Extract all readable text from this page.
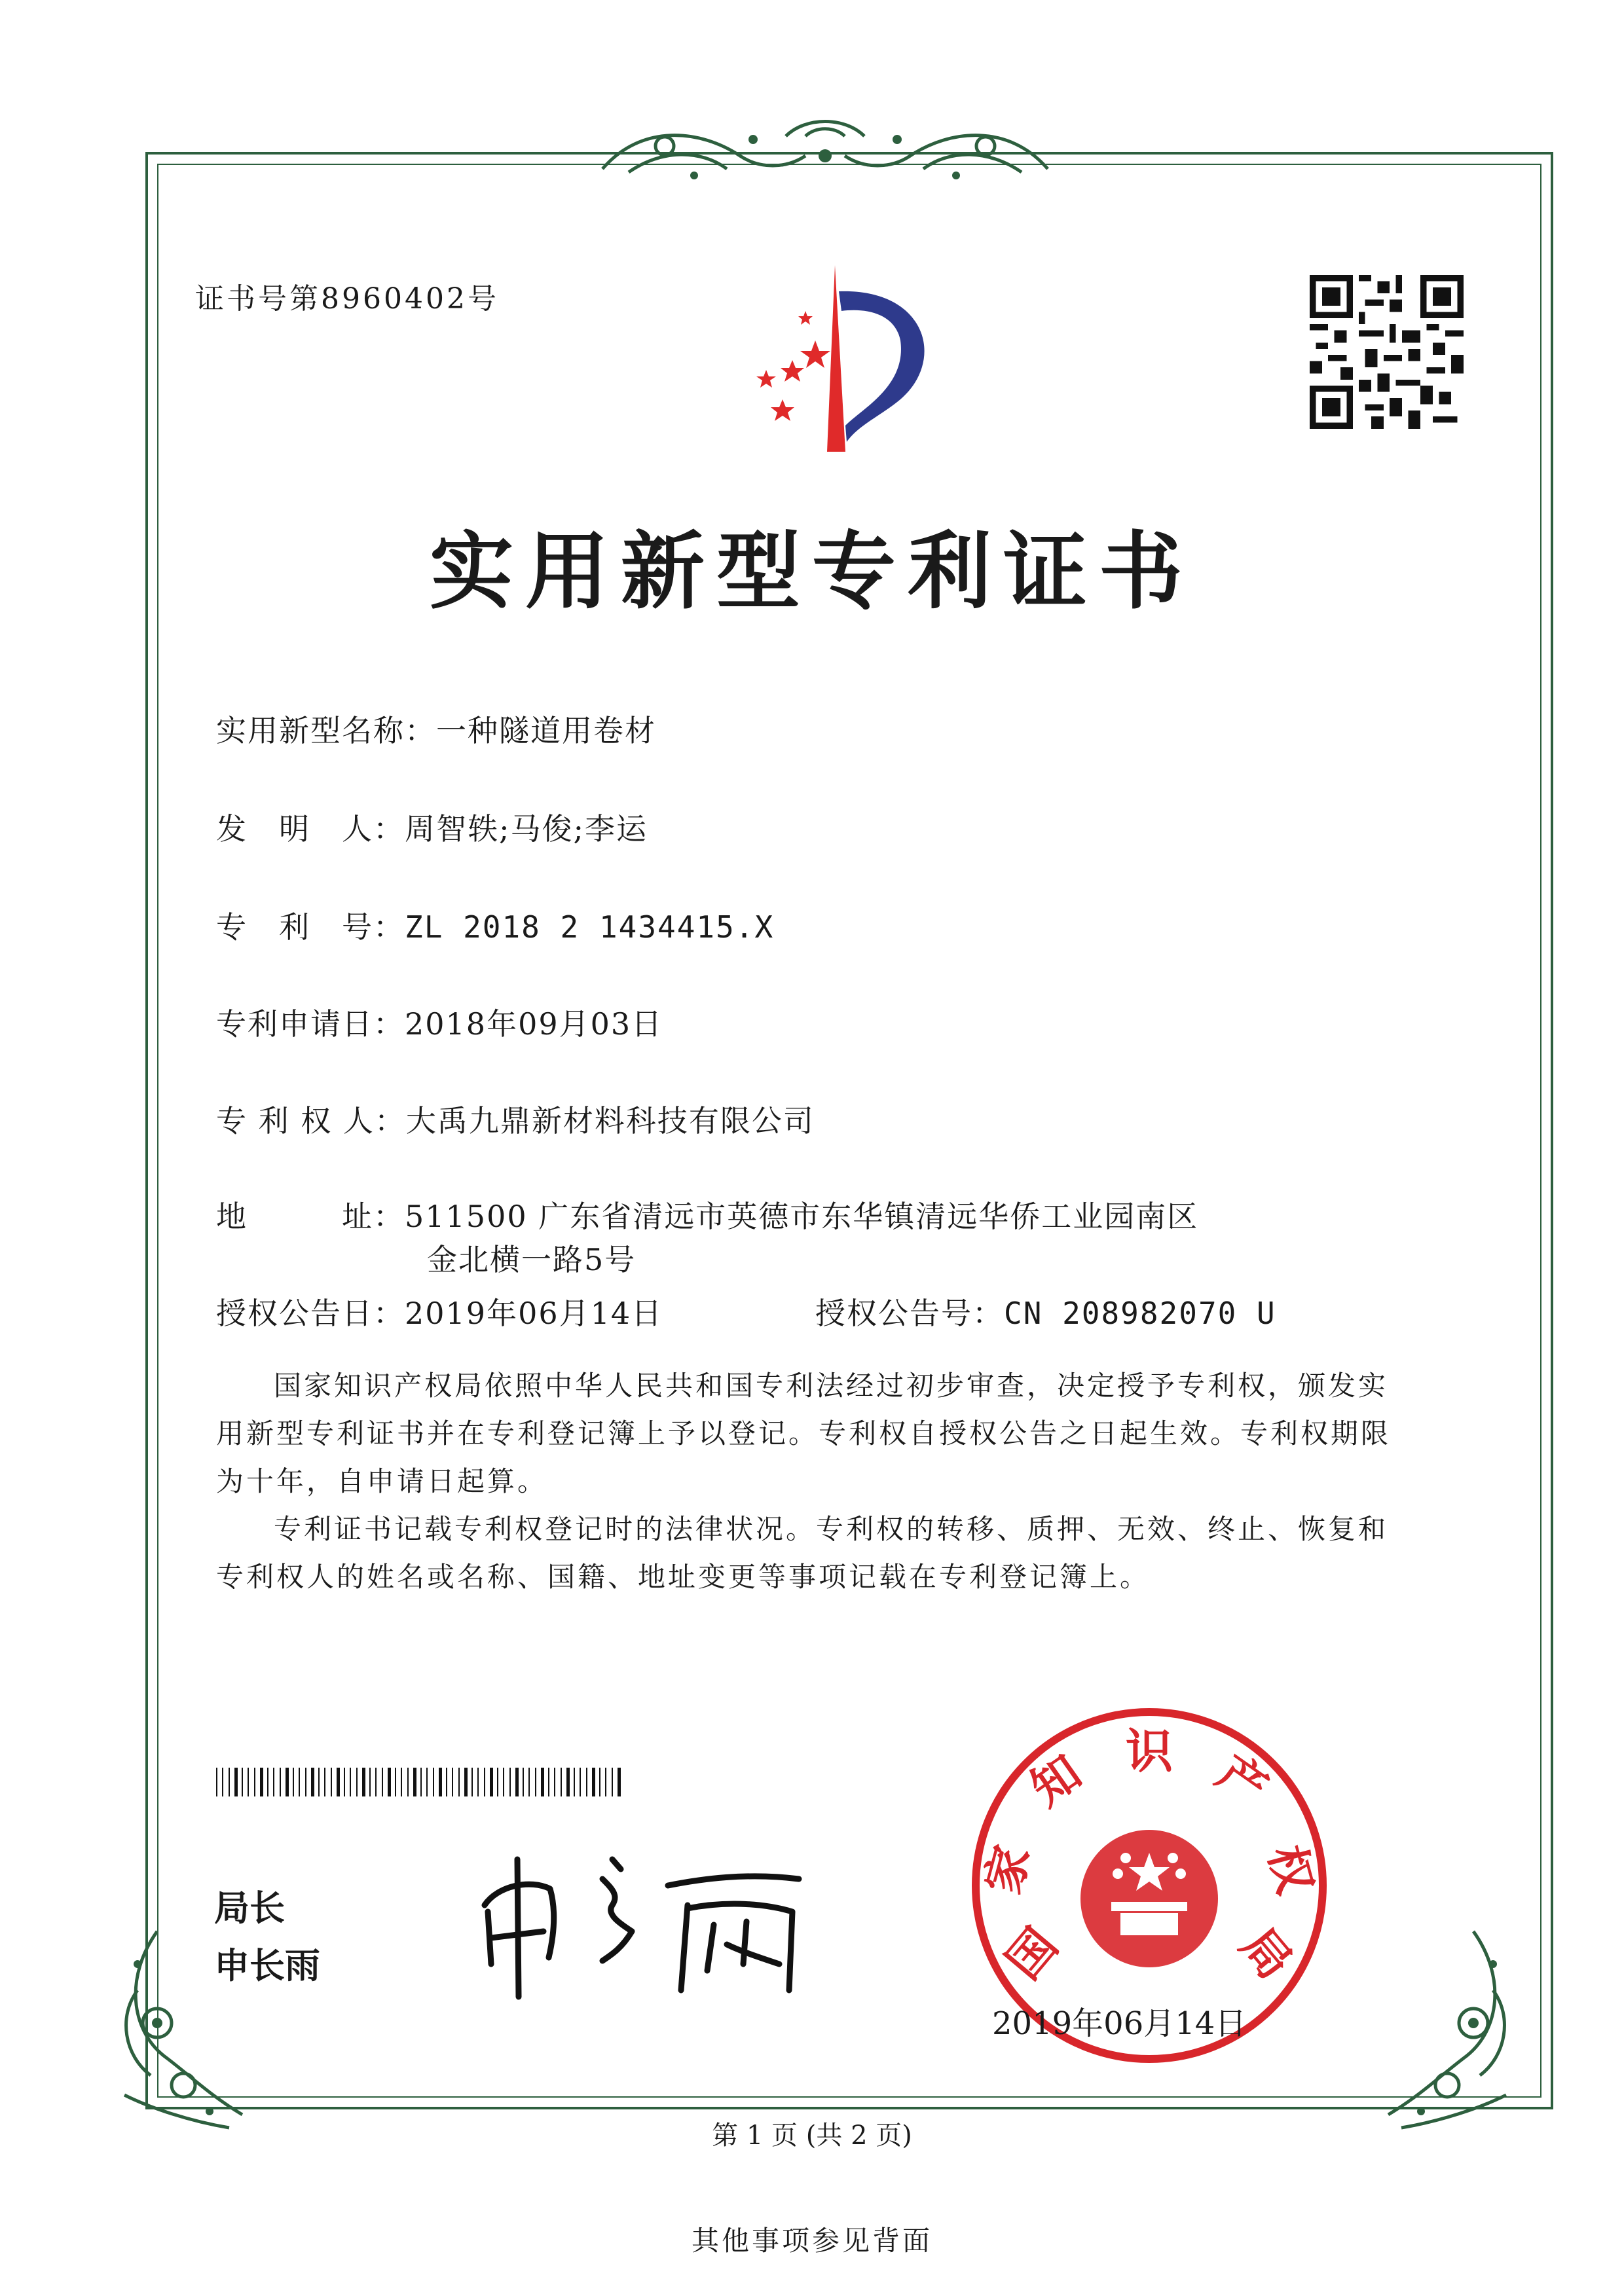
证书号第8960402号
实用新型专利证书
实用新型名称：一种隧道用卷材
发　明　人：周智轶;马俊;李运
专　利　号：ZL 2018 2 1434415.X
专利申请日：2018年09月03日
专 利 权 人：大禹九鼎新材料科技有限公司
地　　　址：511500 广东省清远市英德市东华镇清远华侨工业园南区
金北横一路5号
授权公告日：2019年06月14日	授权公告号：CN 208982070 U

国家知识产权局依照中华人民共和国专利法经过初步审查，决定授予专利权，颁发实用新型专利证书并在专利登记簿上予以登记。专利权自授权公告之日起生效。专利权期限为十年，自申请日起算。

专利证书记载专利权登记时的法律状况。专利权的转移、质押、无效、终止、恢复和专利权人的姓名或名称、国籍、地址变更等事项记载在专利登记簿上。

局长
申长雨	国
家
知 识 产
权
局
2019年06月14日
第 1 页 (共 2 页)
其他事项参见背面
